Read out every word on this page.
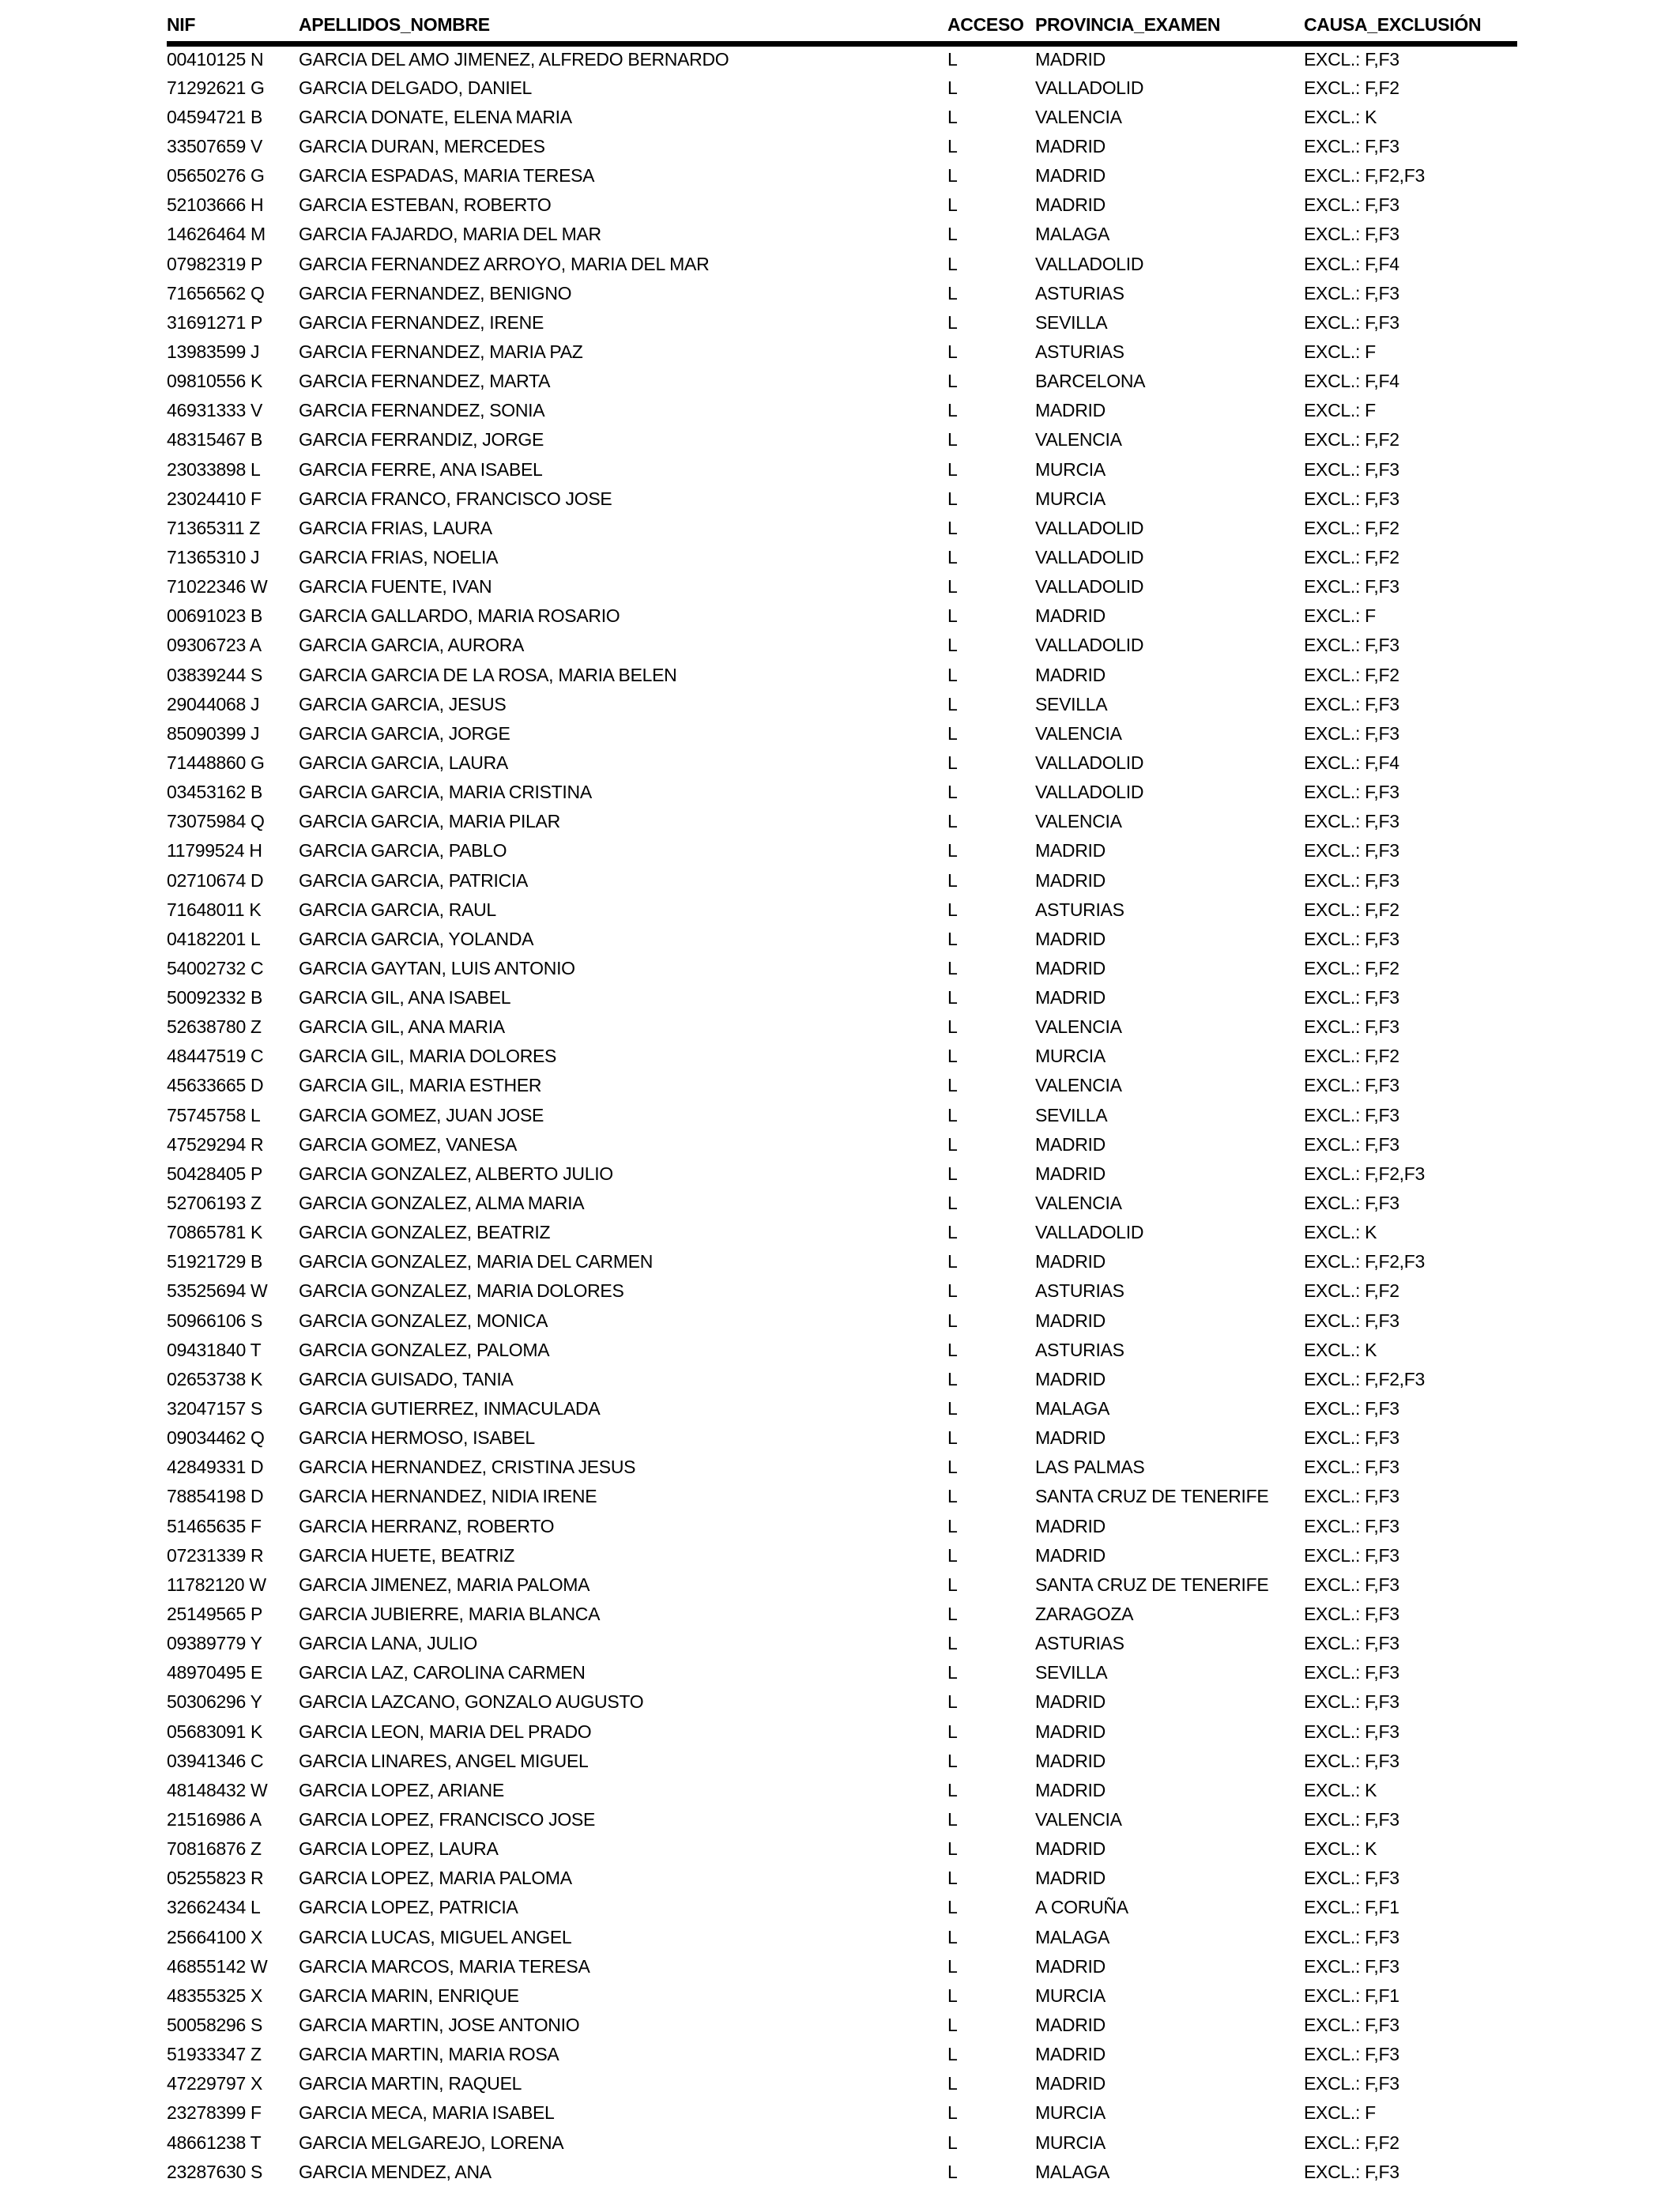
NIF	APELLIDOS_NOMBRE	ACCESO	PROVINCIA_EXAMEN	CAUSA_EXCLUSIÓN
00410125 N	GARCIA DEL AMO JIMENEZ, ALFREDO BERNARDO	L	MADRID	EXCL.: F,F3
71292621 G	GARCIA DELGADO, DANIEL	L	VALLADOLID	EXCL.: F,F2
04594721 B	GARCIA DONATE, ELENA MARIA	L	VALENCIA	EXCL.: K
33507659 V	GARCIA DURAN, MERCEDES	L	MADRID	EXCL.: F,F3
05650276 G	GARCIA ESPADAS, MARIA TERESA	L	MADRID	EXCL.: F,F2,F3
52103666 H	GARCIA ESTEBAN, ROBERTO	L	MADRID	EXCL.: F,F3
14626464 M	GARCIA FAJARDO, MARIA DEL MAR	L	MALAGA	EXCL.: F,F3
07982319 P	GARCIA FERNANDEZ ARROYO, MARIA DEL MAR	L	VALLADOLID	EXCL.: F,F4
71656562 Q	GARCIA FERNANDEZ, BENIGNO	L	ASTURIAS	EXCL.: F,F3
31691271 P	GARCIA FERNANDEZ, IRENE	L	SEVILLA	EXCL.: F,F3
13983599 J	GARCIA FERNANDEZ, MARIA PAZ	L	ASTURIAS	EXCL.: F
09810556 K	GARCIA FERNANDEZ, MARTA	L	BARCELONA	EXCL.: F,F4
46931333 V	GARCIA FERNANDEZ, SONIA	L	MADRID	EXCL.: F
48315467 B	GARCIA FERRANDIZ, JORGE	L	VALENCIA	EXCL.: F,F2
23033898 L	GARCIA FERRE, ANA ISABEL	L	MURCIA	EXCL.: F,F3
23024410 F	GARCIA FRANCO, FRANCISCO JOSE	L	MURCIA	EXCL.: F,F3
71365311 Z	GARCIA FRIAS, LAURA	L	VALLADOLID	EXCL.: F,F2
71365310 J	GARCIA FRIAS, NOELIA	L	VALLADOLID	EXCL.: F,F2
71022346 W	GARCIA FUENTE, IVAN	L	VALLADOLID	EXCL.: F,F3
00691023 B	GARCIA GALLARDO, MARIA ROSARIO	L	MADRID	EXCL.: F
09306723 A	GARCIA GARCIA, AURORA	L	VALLADOLID	EXCL.: F,F3
03839244 S	GARCIA GARCIA DE LA ROSA, MARIA BELEN	L	MADRID	EXCL.: F,F2
29044068 J	GARCIA GARCIA, JESUS	L	SEVILLA	EXCL.: F,F3
85090399 J	GARCIA GARCIA, JORGE	L	VALENCIA	EXCL.: F,F3
71448860 G	GARCIA GARCIA, LAURA	L	VALLADOLID	EXCL.: F,F4
03453162 B	GARCIA GARCIA, MARIA CRISTINA	L	VALLADOLID	EXCL.: F,F3
73075984 Q	GARCIA GARCIA, MARIA PILAR	L	VALENCIA	EXCL.: F,F3
11799524 H	GARCIA GARCIA, PABLO	L	MADRID	EXCL.: F,F3
02710674 D	GARCIA GARCIA, PATRICIA	L	MADRID	EXCL.: F,F3
71648011 K	GARCIA GARCIA, RAUL	L	ASTURIAS	EXCL.: F,F2
04182201 L	GARCIA GARCIA, YOLANDA	L	MADRID	EXCL.: F,F3
54002732 C	GARCIA GAYTAN, LUIS ANTONIO	L	MADRID	EXCL.: F,F2
50092332 B	GARCIA GIL, ANA ISABEL	L	MADRID	EXCL.: F,F3
52638780 Z	GARCIA GIL, ANA MARIA	L	VALENCIA	EXCL.: F,F3
48447519 C	GARCIA GIL, MARIA DOLORES	L	MURCIA	EXCL.: F,F2
45633665 D	GARCIA GIL, MARIA ESTHER	L	VALENCIA	EXCL.: F,F3
75745758 L	GARCIA GOMEZ, JUAN JOSE	L	SEVILLA	EXCL.: F,F3
47529294 R	GARCIA GOMEZ, VANESA	L	MADRID	EXCL.: F,F3
50428405 P	GARCIA GONZALEZ, ALBERTO JULIO	L	MADRID	EXCL.: F,F2,F3
52706193 Z	GARCIA GONZALEZ, ALMA MARIA	L	VALENCIA	EXCL.: F,F3
70865781 K	GARCIA GONZALEZ, BEATRIZ	L	VALLADOLID	EXCL.: K
51921729 B	GARCIA GONZALEZ, MARIA DEL CARMEN	L	MADRID	EXCL.: F,F2,F3
53525694 W	GARCIA GONZALEZ, MARIA DOLORES	L	ASTURIAS	EXCL.: F,F2
50966106 S	GARCIA GONZALEZ, MONICA	L	MADRID	EXCL.: F,F3
09431840 T	GARCIA GONZALEZ, PALOMA	L	ASTURIAS	EXCL.: K
02653738 K	GARCIA GUISADO, TANIA	L	MADRID	EXCL.: F,F2,F3
32047157 S	GARCIA GUTIERREZ, INMACULADA	L	MALAGA	EXCL.: F,F3
09034462 Q	GARCIA HERMOSO, ISABEL	L	MADRID	EXCL.: F,F3
42849331 D	GARCIA HERNANDEZ, CRISTINA JESUS	L	LAS PALMAS	EXCL.: F,F3
78854198 D	GARCIA HERNANDEZ, NIDIA IRENE	L	SANTA CRUZ DE TENERIFE	EXCL.: F,F3
51465635 F	GARCIA HERRANZ, ROBERTO	L	MADRID	EXCL.: F,F3
07231339 R	GARCIA HUETE, BEATRIZ	L	MADRID	EXCL.: F,F3
11782120 W	GARCIA JIMENEZ, MARIA PALOMA	L	SANTA CRUZ DE TENERIFE	EXCL.: F,F3
25149565 P	GARCIA JUBIERRE, MARIA BLANCA	L	ZARAGOZA	EXCL.: F,F3
09389779 Y	GARCIA LANA, JULIO	L	ASTURIAS	EXCL.: F,F3
48970495 E	GARCIA LAZ, CAROLINA CARMEN	L	SEVILLA	EXCL.: F,F3
50306296 Y	GARCIA LAZCANO, GONZALO AUGUSTO	L	MADRID	EXCL.: F,F3
05683091 K	GARCIA LEON, MARIA DEL PRADO	L	MADRID	EXCL.: F,F3
03941346 C	GARCIA LINARES, ANGEL MIGUEL	L	MADRID	EXCL.: F,F3
48148432 W	GARCIA LOPEZ, ARIANE	L	MADRID	EXCL.: K
21516986 A	GARCIA LOPEZ, FRANCISCO JOSE	L	VALENCIA	EXCL.: F,F3
70816876 Z	GARCIA LOPEZ, LAURA	L	MADRID	EXCL.: K
05255823 R	GARCIA LOPEZ, MARIA PALOMA	L	MADRID	EXCL.: F,F3
32662434 L	GARCIA LOPEZ, PATRICIA	L	A CORUÑA	EXCL.: F,F1
25664100 X	GARCIA LUCAS, MIGUEL ANGEL	L	MALAGA	EXCL.: F,F3
46855142 W	GARCIA MARCOS, MARIA TERESA	L	MADRID	EXCL.: F,F3
48355325 X	GARCIA MARIN, ENRIQUE	L	MURCIA	EXCL.: F,F1
50058296 S	GARCIA MARTIN, JOSE ANTONIO	L	MADRID	EXCL.: F,F3
51933347 Z	GARCIA MARTIN, MARIA ROSA	L	MADRID	EXCL.: F,F3
47229797 X	GARCIA MARTIN, RAQUEL	L	MADRID	EXCL.: F,F3
23278399 F	GARCIA MECA, MARIA ISABEL	L	MURCIA	EXCL.: F
48661238 T	GARCIA MELGAREJO, LORENA	L	MURCIA	EXCL.: F,F2
23287630 S	GARCIA MENDEZ, ANA	L	MALAGA	EXCL.: F,F3
